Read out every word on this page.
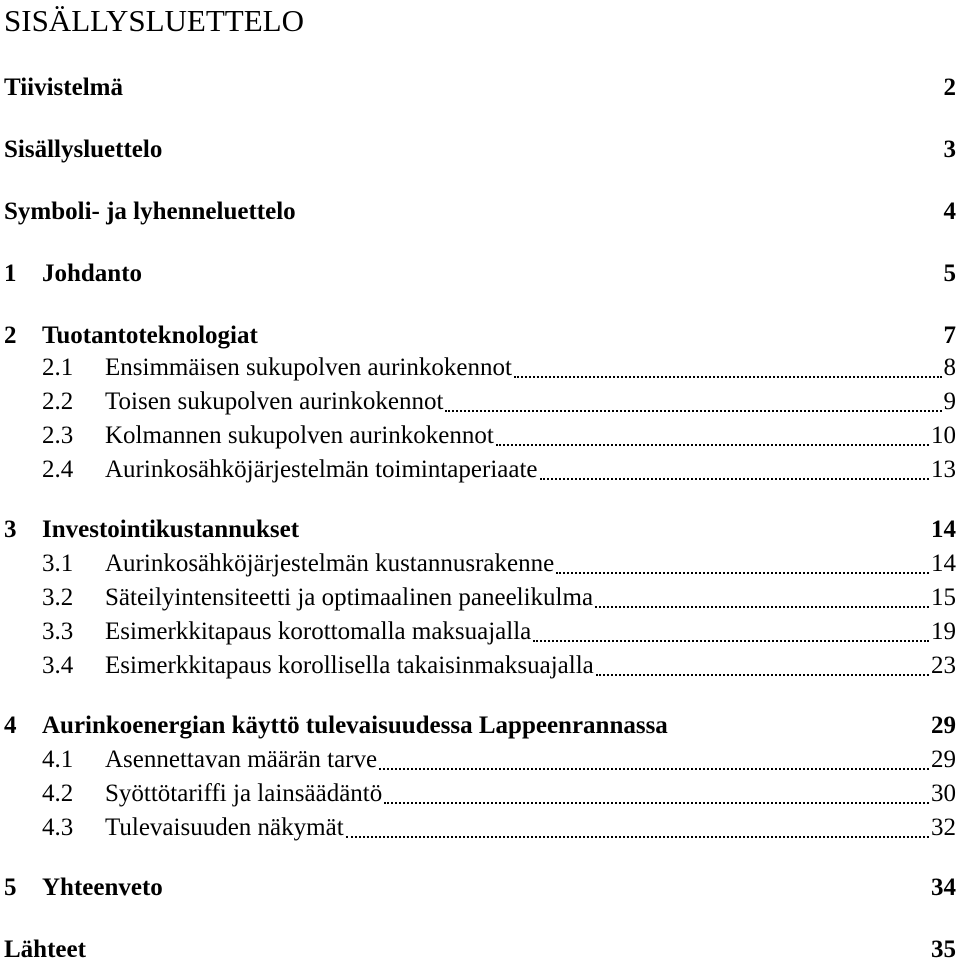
SISÄLLYSLUETTELO
Tiivistelmä	2
Sisällysluettelo	3
Symboli- ja lyhenneluettelo	4
1 Johdanto	5
2 Tuotantoteknologiat	7
2.1 Ensimmäisen sukupolven aurinkokennot	8
2.2 Toisen sukupolven aurinkokennot	9
2.3 Kolmannen sukupolven aurinkokennot	10
2.4 Aurinkosähköjärjestelmän toimintaperiaate	13
3 Investointikustannukset	14
3.1 Aurinkosähköjärjestelmän kustannusrakenne	14
3.2 Säteilyintensiteetti ja optimaalinen paneelikulma	15
3.3 Esimerkkitapaus korottomalla maksuajalla	19
3.4 Esimerkkitapaus korollisella takaisinmaksuajalla	23
4 Aurinkoenergian käyttö tulevaisuudessa Lappeenrannassa	29
4.1 Asennettavan määrän tarve	29
4.2 Syöttötariffi ja lainsäädäntö	30
4.3 Tulevaisuuden näkymät	32
5 Yhteenveto	34
Lähteet	35
